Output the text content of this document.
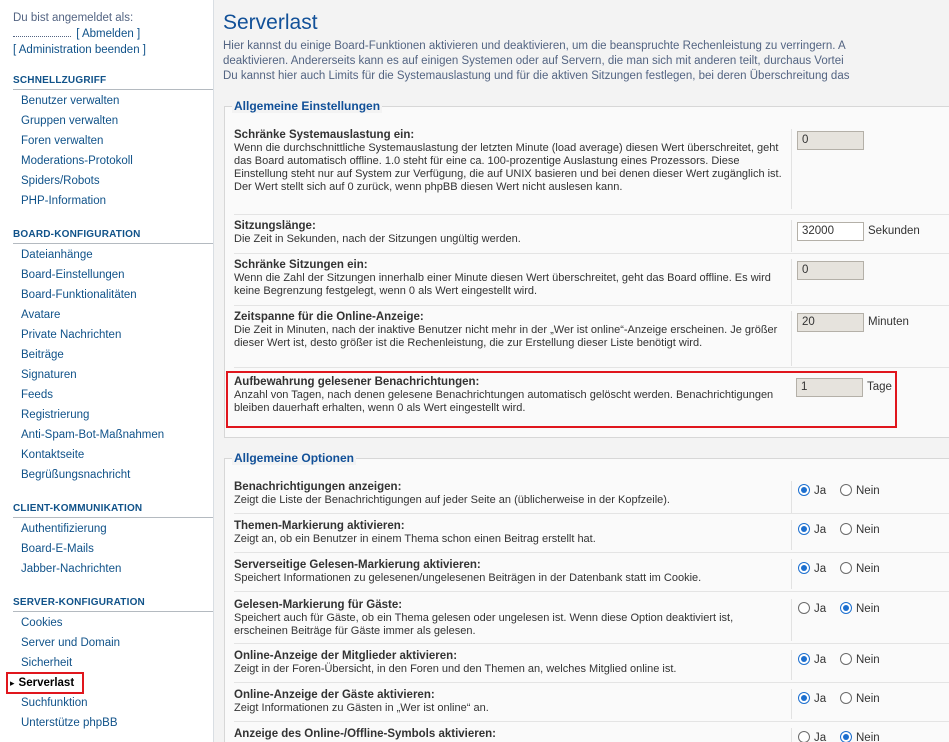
Du bist angemeldet als:
[ Abmelden ]
[ Administration beenden ]
SCHNELLZUGRIFF
Benutzer verwalten
Gruppen verwalten
Foren verwalten
Moderations-Protokoll
Spiders/Robots
PHP-Information
BOARD-KONFIGURATION
Dateianhänge
Board-Einstellungen
Board-Funktionalitäten
Avatare
Private Nachrichten
Beiträge
Signaturen
Feeds
Registrierung
Anti-Spam-Bot-Maßnahmen
Kontaktseite
Begrüßungsnachricht
CLIENT-KOMMUNIKATION
Authentifizierung
Board-E-Mails
Jabber-Nachrichten
SERVER-KONFIGURATION
Cookies
Server und Domain
Sicherheit
▸ Serverlast
Suchfunktion
Unterstütze phpBB
Serverlast
Hier kannst du einige Board-Funktionen aktivieren und deaktivieren, um die beanspruchte Rechenleistung zu verringern. A
deaktivieren. Andererseits kann es auf einigen Systemen oder auf Servern, die man sich mit anderen teilt, durchaus Vortei
Du kannst hier auch Limits für die Systemauslastung und für die aktiven Sitzungen festlegen, bei deren Überschreitung das
Allgemeine Einstellungen
Schränke Systemauslastung ein:
Wenn die durchschnittliche Systemauslastung der letzten Minute (load average) diesen Wert überschreitet, geht das Board automatisch offline. 1.0 steht für eine ca. 100-prozentige Auslastung eines Prozessors. Diese Einstellung steht nur auf System zur Verfügung, die auf UNIX basieren und bei denen dieser Wert zugänglich ist. Der Wert stellt sich auf 0 zurück, wenn phpBB diesen Wert nicht auslesen kann.
0
Sitzungslänge:
Die Zeit in Sekunden, nach der Sitzungen ungültig werden.
32000	Sekunden
Schränke Sitzungen ein:
Wenn die Zahl der Sitzungen innerhalb einer Minute diesen Wert überschreitet, geht das Board offline. Es wird keine Begrenzung festgelegt, wenn 0 als Wert eingestellt wird.
0
Zeitspanne für die Online-Anzeige:
Die Zeit in Minuten, nach der inaktive Benutzer nicht mehr in der „Wer ist online“-Anzeige erscheinen. Je größer dieser Wert ist, desto größer ist die Rechenleistung, die zur Erstellung dieser Liste benötigt wird.
20	Minuten
Aufbewahrung gelesener Benachrichtungen:
Anzahl von Tagen, nach denen gelesene Benachrichtungen automatisch gelöscht werden. Benachrichtigungen bleiben dauerhaft erhalten, wenn 0 als Wert eingestellt wird.
1	Tage
Allgemeine Optionen
Benachrichtigungen anzeigen:
Zeigt die Liste der Benachrichtigungen auf jeder Seite an (üblicherweise in der Kopfzeile).
Ja	Nein
Themen-Markierung aktivieren:
Zeigt an, ob ein Benutzer in einem Thema schon einen Beitrag erstellt hat.
Ja	Nein
Serverseitige Gelesen-Markierung aktivieren:
Speichert Informationen zu gelesenen/ungelesenen Beiträgen in der Datenbank statt im Cookie.
Ja	Nein
Gelesen-Markierung für Gäste:
Speichert auch für Gäste, ob ein Thema gelesen oder ungelesen ist. Wenn diese Option deaktiviert ist, erscheinen Beiträge für Gäste immer als gelesen.
Ja	Nein
Online-Anzeige der Mitglieder aktivieren:
Zeigt in der Foren-Übersicht, in den Foren und den Themen an, welches Mitglied online ist.
Ja	Nein
Online-Anzeige der Gäste aktivieren:
Zeigt Informationen zu Gästen in „Wer ist online“ an.
Ja	Nein
Anzeige des Online-/Offline-Symbols aktivieren:	Ja	Nein
